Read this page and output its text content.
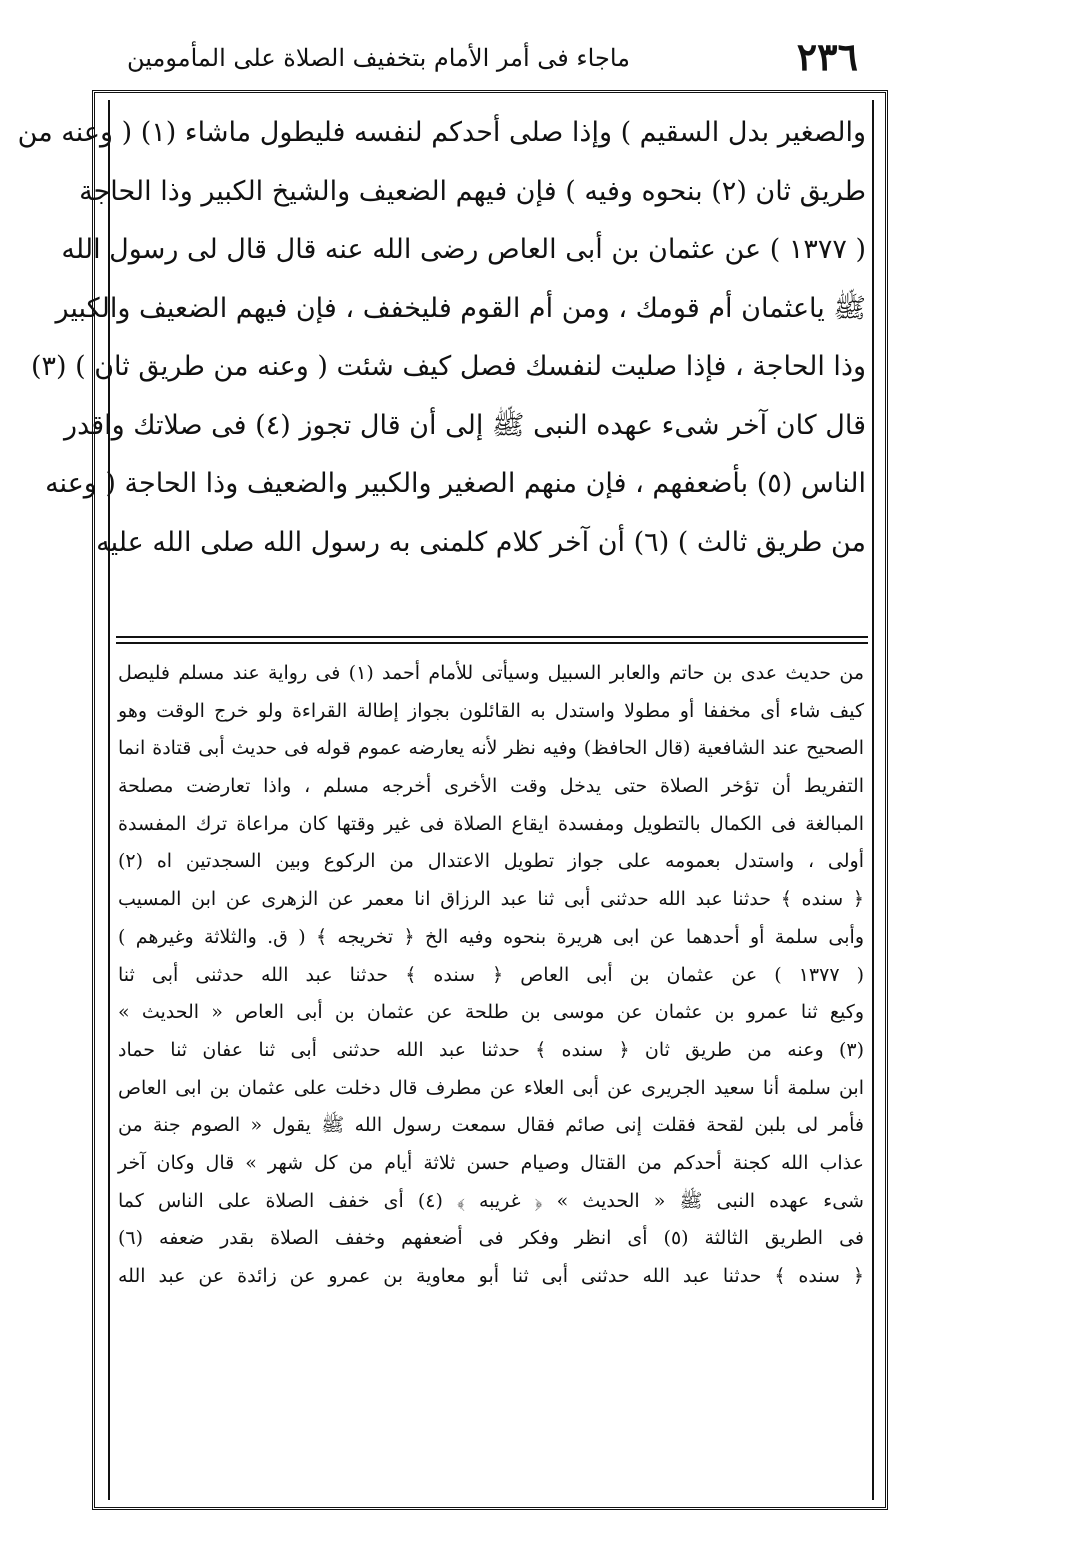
٢٣٦
ماجاء فى أمر الأمام بتخفيف الصلاة على المأمومين
والصغير بدل السقيم ) وإذا صلى أحدكم لنفسه فليطول ماشاء (١) ( وعنه من
طريق ثان (٢) بنحوه وفيه ) فإن فيهم الضعيف والشيخ الكبير وذا الحاجة
( ١٣٧٧ ) عن عثمان بن أبى العاص رضى الله عنه قال قال لى رسول الله
ﷺ ياعثمان أم قومك ، ومن أم القوم فليخفف ، فإن فيهم الضعيف والكبير
وذا الحاجة ، فإذا صليت لنفسك فصل كيف شئت ( وعنه من طريق ثان ) (٣)
قال كان آخر شىء عهده النبى ﷺ إلى أن قال تجوز (٤) فى صلاتك واقدر
الناس (٥) بأضعفهم ، فإن منهم الصغير والكبير والضعيف وذا الحاجة ( وعنه
من طريق ثالث ) (٦) أن آخر كلام كلمنى به رسول الله صلى الله عليه
من حديث عدى بن حاتم والعابر السبيل وسيأتى للأمام أحمد (١) فى رواية عند مسلم فليصل
كيف شاء أى مخففا أو مطولا واستدل به القائلون بجواز إطالة القراءة ولو خرج الوقت وهو
الصحيح عند الشافعية (قال الحافظ) وفيه نظر لأنه يعارضه عموم قوله فى حديث أبى قتادة انما
التفريط أن تؤخر الصلاة حتى يدخل وقت الأخرى أخرجه مسلم ، واذا تعارضت مصلحة
المبالغة فى الكمال بالتطويل ومفسدة ايقاع الصلاة فى غير وقتها كان مراعاة ترك المفسدة
أولى ، واستدل بعمومه على جواز تطويل الاعتدال من الركوع وبين السجدتين اه (٢)
﴿ سنده ﴾ حدثنا عبد الله حدثنى أبى ثنا عبد الرزاق انا معمر عن الزهرى عن ابن المسيب
وأبى سلمة أو أحدهما عن ابى هريرة بنحوه وفيه الخ ﴿ تخريجه ﴾ ( ق. والثلاثة وغيرهم )
( ١٣٧٧ ) عن عثمان بن أبى العاص ﴿ سنده ﴾ حدثنا عبد الله حدثنى أبى ثنا
وكيع ثنا عمرو بن عثمان عن موسى بن طلحة عن عثمان بن أبى العاص « الحديث »
(٣) وعنه من طريق ثان ﴿ سنده ﴾ حدثنا عبد الله حدثنى أبى ثنا عفان ثنا حماد
ابن سلمة أنا سعيد الجريرى عن أبى العلاء عن مطرف قال دخلت على عثمان بن ابى العاص
فأمر لى بلبن لقحة فقلت إنى صائم فقال سمعت رسول الله ﷺ يقول « الصوم جنة من
عذاب الله كجنة أحدكم من القتال وصيام حسن ثلاثة أيام من كل شهر » قال وكان آخر
شىء عهده النبى ﷺ « الحديث » ﴿ غريبه ﴾ (٤) أى خفف الصلاة على الناس كما
فى الطريق الثالثة (٥) أى انظر وفكر فى أضعفهم وخفف الصلاة بقدر ضعفه (٦)
﴿ سنده ﴾ حدثنا عبد الله حدثنى أبى ثنا أبو معاوية بن عمرو عن زائدة عن عبد الله
